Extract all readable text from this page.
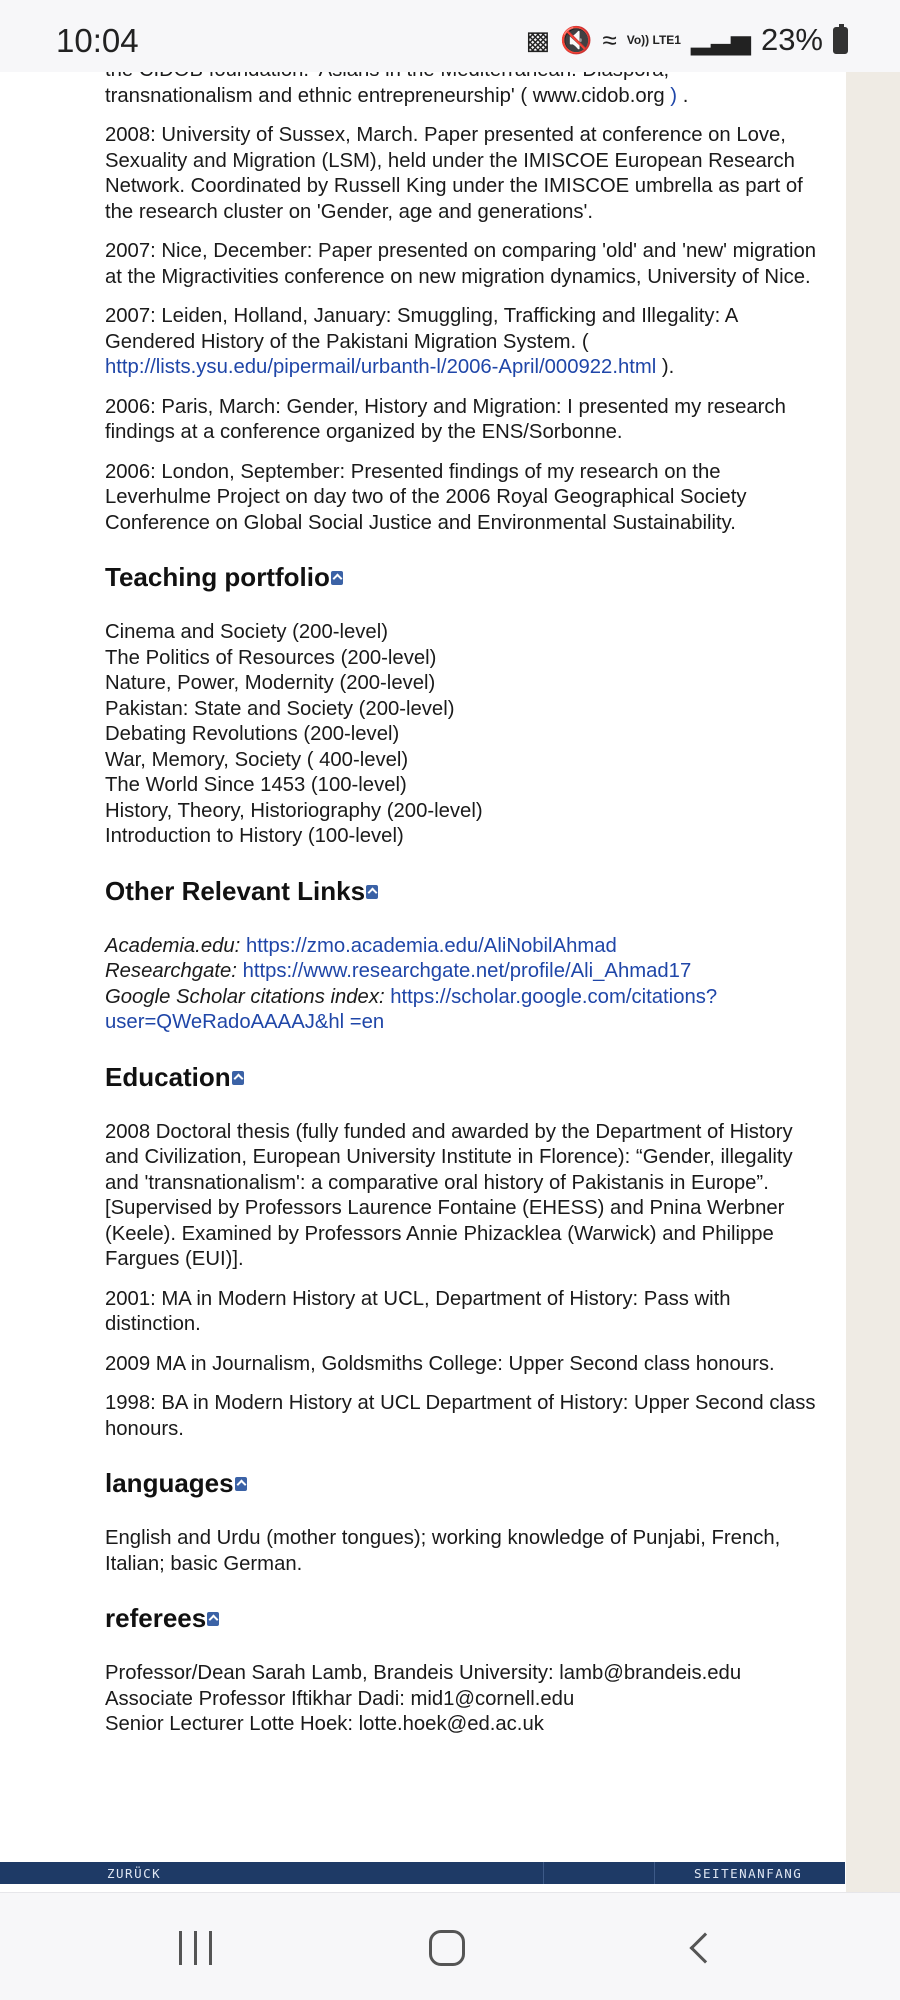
10:04	▩ 🔇 ≈ Vo)) LTE1 ▂▃▅ 23%

transnationalism and ethnic entrepreneurship' ( www.cidob.org ) .

2008: University of Sussex, March. Paper presented at conference on Love, Sexuality and Migration (LSM), held under the IMISCOE European Research Network. Coordinated by Russell King under the IMISCOE umbrella as part of the research cluster on 'Gender, age and generations'.

2007: Nice, December: Paper presented on comparing 'old' and 'new' migration at the Migractivities conference on new migration dynamics, University of Nice.

2007: Leiden, Holland, January: Smuggling, Trafficking and Illegality: A Gendered History of the Pakistani Migration System. (
http://lists.ysu.edu/pipermail/urbanth-l/2006-April/000922.html ).

2006: Paris, March: Gender, History and Migration: I presented my research findings at a conference organized by the ENS/Sorbonne.

2006: London, September: Presented findings of my research on the Leverhulme Project on day two of the 2006 Royal Geographical Society Conference on Global Social Justice and Environmental Sustainability.

Teaching portfolio
Cinema and Society (200-level)
The Politics of Resources (200-level)
Nature, Power, Modernity (200-level)
Pakistan: State and Society (200-level)
Debating Revolutions (200-level)
War, Memory, Society ( 400-level)
The World Since 1453 (100-level)
History, Theory, Historiography (200-level)
Introduction to History (100-level)
Other Relevant Links
Academia.edu: https://zmo.academia.edu/AliNobilAhmad
Researchgate: https://www.researchgate.net/profile/Ali_Ahmad17
Google Scholar citations index: https://scholar.google.com/citations?
user=QWeRadoAAAAJ&hl =en
Education

2008 Doctoral thesis (fully funded and awarded by the Department of History and Civilization, European University Institute in Florence): “Gender, illegality and 'transnationalism': a comparative oral history of Pakistanis in Europe”. [Supervised by Professors Laurence Fontaine (EHESS) and Pnina Werbner (Keele). Examined by Professors Annie Phizacklea (Warwick) and Philippe Fargues (EUI)].

2001: MA in Modern History at UCL, Department of History: Pass with distinction.

2009 MA in Journalism, Goldsmiths College: Upper Second class honours.

1998: BA in Modern History at UCL Department of History: Upper Second class honours.

languages

English and Urdu (mother tongues); working knowledge of Punjabi, French, Italian; basic German.

referees
Professor/Dean Sarah Lamb, Brandeis University: lamb@brandeis.edu
Associate Professor Iftikhar Dadi: mid1@cornell.edu
Senior Lecturer Lotte Hoek: lotte.hoek@ed.ac.uk
ZURÜCK	SEITENANFANG
